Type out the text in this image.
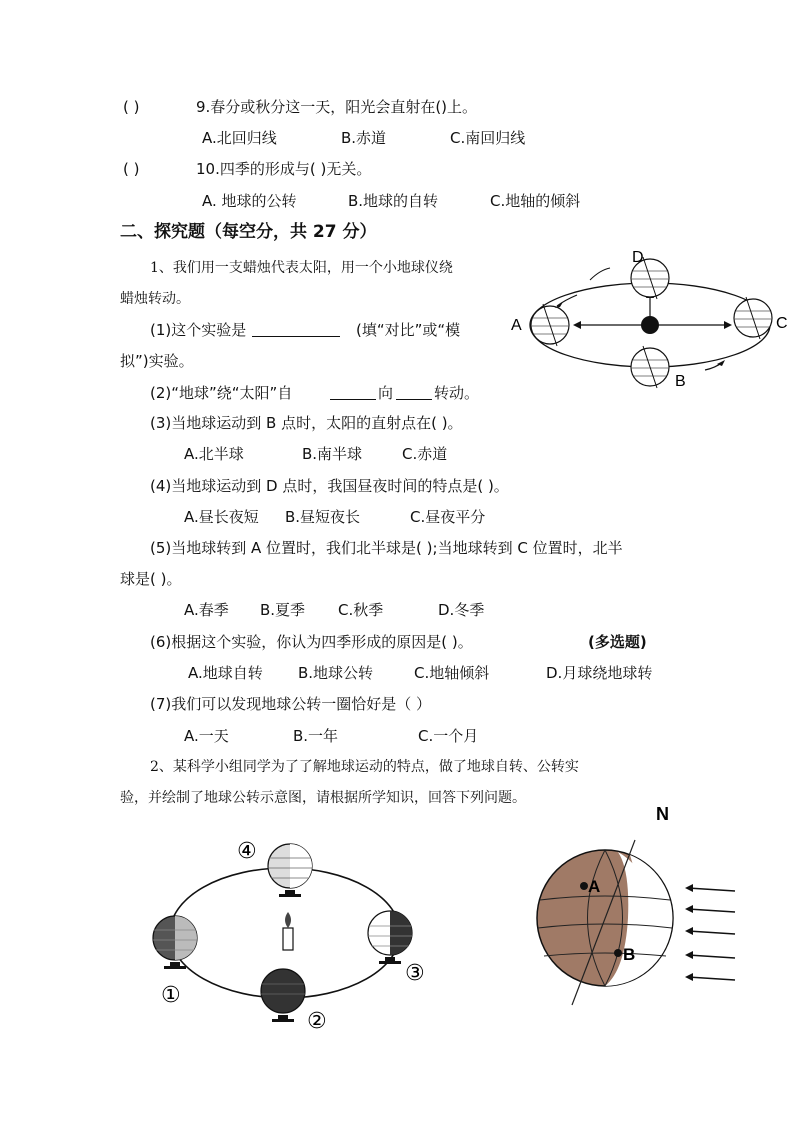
( )	9.春分或秋分这一天，阳光会直射在()上。
A.北回归线	B.赤道	C.南回归线
( )	10.四季的形成与( )无关。
A. 地球的公转	B.地球的自转	C.地轴的倾斜
二、探究题（每空分，共 27 分）
1、我们用一支蜡烛代表太阳，用一个小地球仪绕
蜡烛转动。
(1)这个实验是	(填“对比”或“模
拟”)实验。
(2)“地球”绕“太阳”自	向	转动。
(3)当地球运动到 B 点时，太阳的直射点在( )。
A.北半球	B.南半球	C.赤道
(4)当地球运动到 D 点时，我国昼夜时间的特点是( )。
A.昼长夜短 B.昼短夜长	C.昼夜平分
(5)当地球转到 A 位置时，我们北半球是( );当地球转到 C 位置时，北半
球是( )。
A.春季 B.夏季 C.秋季	D.冬季
(6)根据这个实验，你认为四季形成的原因是( )。	(多选题)
A.地球自转 B.地球公转	C.地轴倾斜	D.月球绕地球转
(7)我们可以发现地球公转一圈恰好是（ ）
A.一天	B.一年	C.一个月
2、某科学小组同学为了了解地球运动的特点，做了地球自转、公转实
验，并绘制了地球公转示意图，请根据所学知识，回答下列问题。
A
B
C
D
④
①
②
③
N
A
B
